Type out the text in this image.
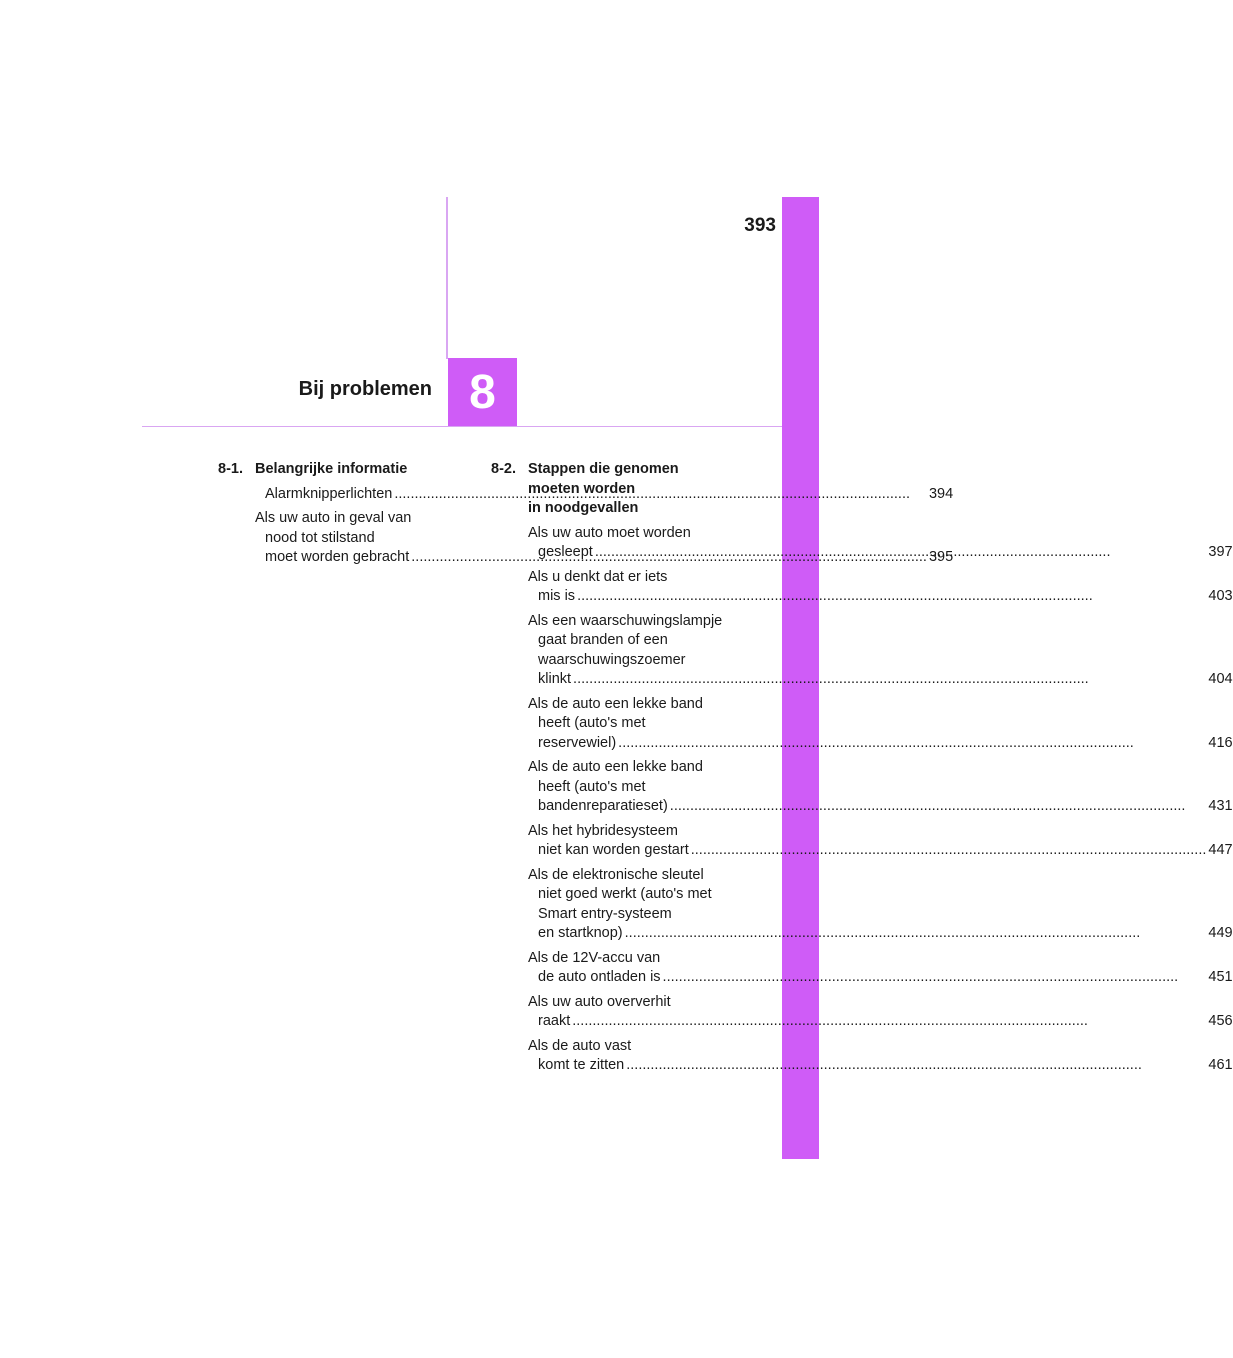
393
8
Bij problemen
8-1. Belangrijke informatie
Alarmknipperlichten .....	394
Als uw auto in geval van
nood tot stilstand
moet worden gebracht .....	395
8-2. Stappen die genomen
moeten worden
in noodgevallen
Als uw auto moet worden
gesleept .....	397
Als u denkt dat er iets
mis is .....	403
Als een waarschuwingslampje
gaat branden of een
waarschuwingszoemer
klinkt .....	404
Als de auto een lekke band
heeft (auto's met
reservewiel) .....	416
Als de auto een lekke band
heeft (auto's met
bandenreparatieset) .....	431
Als het hybridesysteem
niet kan worden gestart .....	447
Als de elektronische sleutel
niet goed werkt (auto's met
Smart entry-systeem
en startknop) .....	449
Als de 12V-accu van
de auto ontladen is .....	451
Als uw auto oververhit
raakt .....	456
Als de auto vast
komt te zitten .....	461
